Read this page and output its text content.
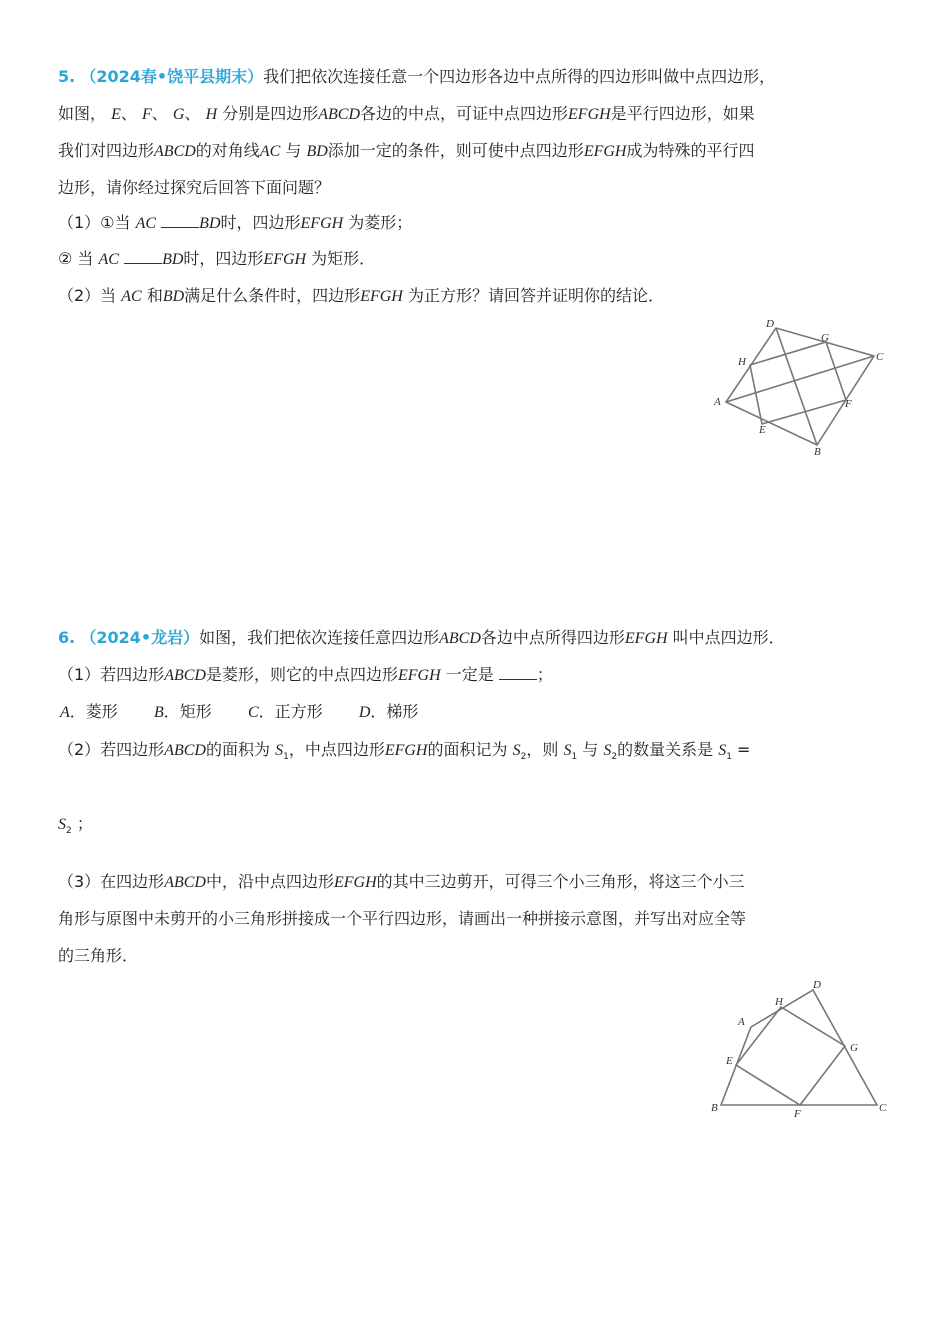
5. （2024春•饶平县期末）我们把依次连接任意一个四边形各边中点所得的四边形叫做中点四边形，
如图， E、 F、 G、 H 分别是四边形ABCD各边的中点，可证中点四边形EFGH是平行四边形，如果
我们对四边形ABCD的对角线AC 与 BD添加一定的条件，则可使中点四边形EFGH成为特殊的平行四
边形，请你经过探究后回答下面问题？
（1）①当 AC	BD时，四边形EFGH 为菱形；
② 当 AC	BD时，四边形EFGH 为矩形．
（2）当 AC 和BD满足什么条件时，四边形EFGH 为正方形？请回答并证明你的结论．
A
D
G
C
H
F
E
B
6. （2024•龙岩）如图，我们把依次连接任意四边形ABCD各边中点所得四边形EFGH 叫中点四边形．
（1）若四边形ABCD是菱形，则它的中点四边形EFGH 一定是	；
A．菱形 B．矩形 C．正方形 D．梯形
（2）若四边形ABCD的面积为 $S_1$，中点四边形EFGH的面积记为 $S_2$，则 $S_1$ 与 $S_2$的数量关系是 $S_1$ =
$S_2$ ；
（3）在四边形ABCD中，沿中点四边形EFGH的其中三边剪开，可得三个小三角形，将这三个小三
角形与原图中未剪开的小三角形拼接成一个平行四边形，请画出一种拼接示意图，并写出对应全等
的三角形．
D
H
A
G
E
B	F	C
